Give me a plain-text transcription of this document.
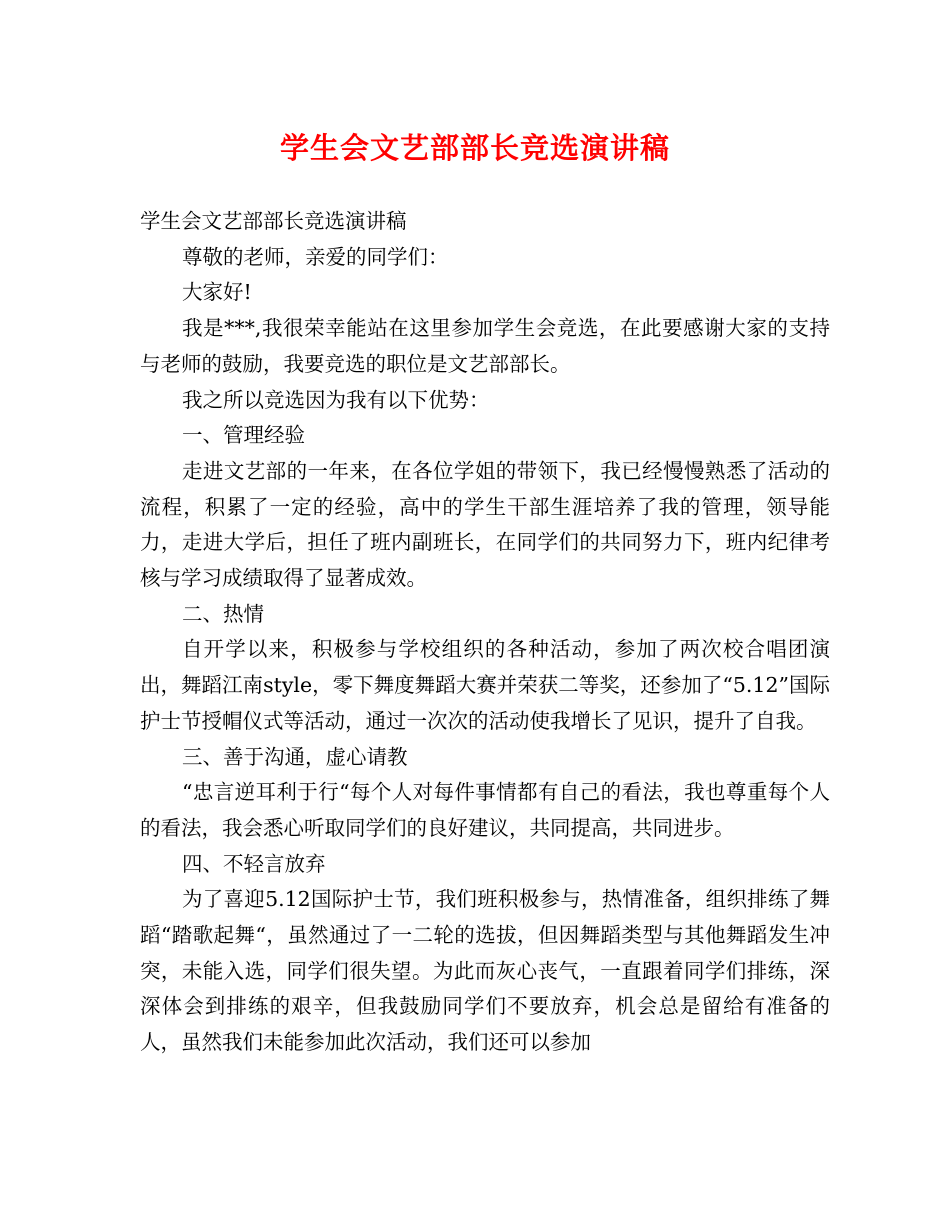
学生会文艺部部长竞选演讲稿

学生会文艺部部长竞选演讲稿

尊敬的老师，亲爱的同学们：

大家好!

我是***,我很荣幸能站在这里参加学生会竞选，在此要感谢大家的支持与老师的鼓励，我要竞选的职位是文艺部部长。

我之所以竞选因为我有以下优势：

一、管理经验

走进文艺部的一年来，在各位学姐的带领下，我已经慢慢熟悉了活动的流程，积累了一定的经验，高中的学生干部生涯培养了我的管理，领导能力，走进大学后，担任了班内副班长，在同学们的共同努力下，班内纪律考核与学习成绩取得了显著成效。

二、热情

自开学以来，积极参与学校组织的各种活动，参加了两次校合唱团演出，舞蹈江南style，零下舞度舞蹈大赛并荣获二等奖，还参加了“5.12”国际护士节授帽仪式等活动，通过一次次的活动使我增长了见识，提升了自我。

三、善于沟通，虚心请教

“忠言逆耳利于行“每个人对每件事情都有自己的看法，我也尊重每个人的看法，我会悉心听取同学们的良好建议，共同提高，共同进步。

四、不轻言放弃

为了喜迎5.12国际护士节，我们班积极参与，热情准备，组织排练了舞蹈“踏歌起舞“，虽然通过了一二轮的选拔，但因舞蹈类型与其他舞蹈发生冲突，未能入选，同学们很失望。为此而灰心丧气，一直跟着同学们排练，深深体会到排练的艰辛，但我鼓励同学们不要放弃，机会总是留给有准备的人，虽然我们未能参加此次活动，我们还可以参加
